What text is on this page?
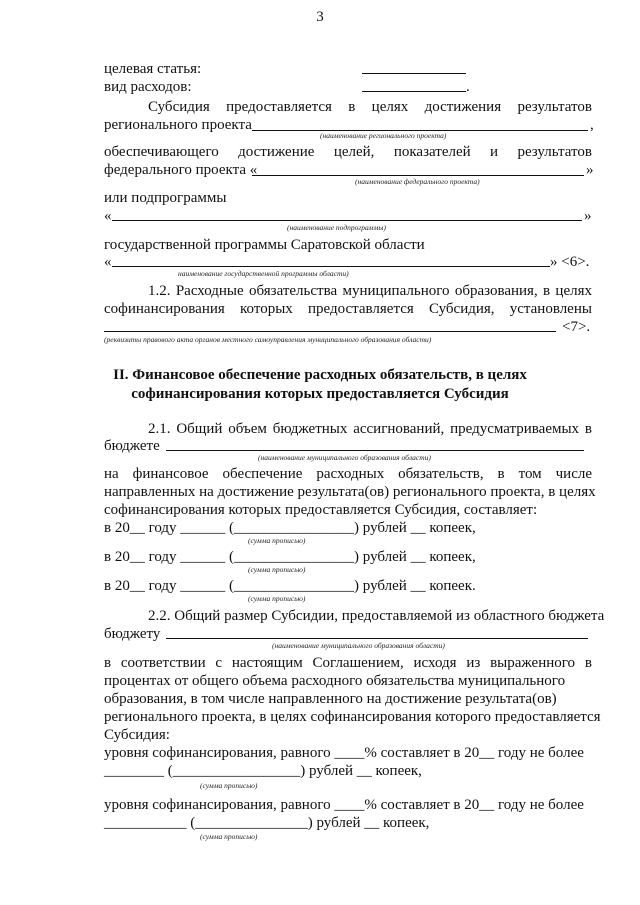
3
целевая статья:
вид расходов:	.
Субсидия предоставляется в целях достижения результатов
регионального проекта	,
(наименование регионального проекта)
обеспечивающего достижение целей, показателей и результатов
федерального проекта «	»
(наименование федерального проекта)
или подпрограммы
«	»
(наименование подпрограммы)
государственной программы Саратовской области
«	» <6>.
наименование государственной программы области)
1.2. Расходные обязательства муниципального образования, в целях
софинансирования которых предоставляется Субсидия, установлены
<7>.
(реквизиты правового акта органов местного самоуправления муниципального образования области)
II. Финансовое обеспечение расходных обязательств, в целях
софинансирования которых предоставляется Субсидия
2.1. Общий объем бюджетных ассигнований, предусматриваемых в
бюджете
(наименование муниципального образования области)
на финансовое обеспечение расходных обязательств, в том числе
направленных на достижение результата(ов) регионального проекта, в целях
софинансирования которых предоставляется Субсидия, составляет:
в 20__ году ______ (________________) рублей __ копеек,
(сумма прописью)
в 20__ году ______ (________________) рублей __ копеек,
(сумма прописью)
в 20__ году ______ (________________) рублей __ копеек.
(сумма прописью)
2.2. Общий размер Субсидии, предоставляемой из областного бюджета
бюджету
(наименование муниципального образования области)
в соответствии с настоящим Соглашением, исходя из выраженного в
процентах от общего объема расходного обязательства муниципального
образования, в том числе направленного на достижение результата(ов)
регионального проекта, в целях софинансирования которого предоставляется
Субсидия:
уровня софинансирования, равного ____% составляет в 20__ году не более
________ (_________________) рублей __ копеек,
(сумма прописью)
уровня софинансирования, равного ____% составляет в 20__ году не более
___________ (_______________) рублей __ копеек,
(сумма прописью)
